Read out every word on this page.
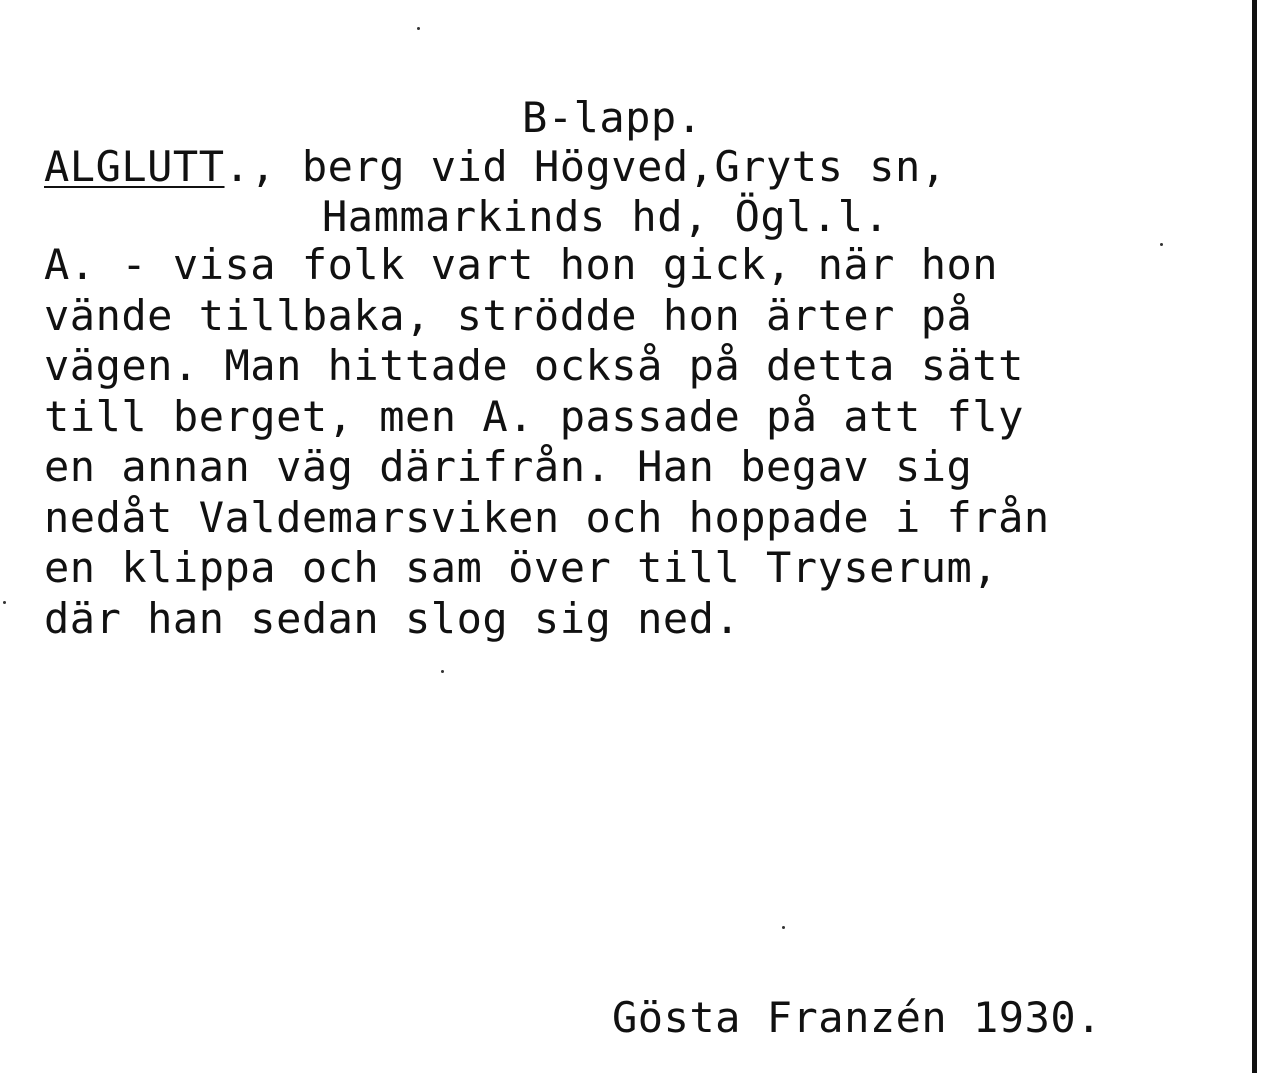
B-lapp.
ALGLUTT., berg vid Högved,Gryts sn,
Hammarkinds hd, Ögl.l.
A. - visa folk vart hon gick, när hon
vände tillbaka, strödde hon ärter på
vägen. Man hittade också på detta sätt
till berget, men A. passade på att fly
en annan väg därifrån. Han begav sig
nedåt Valdemarsviken och hoppade i från
en klippa och sam över till Tryserum,
där han sedan slog sig ned.
Gösta Franzén 1930.
